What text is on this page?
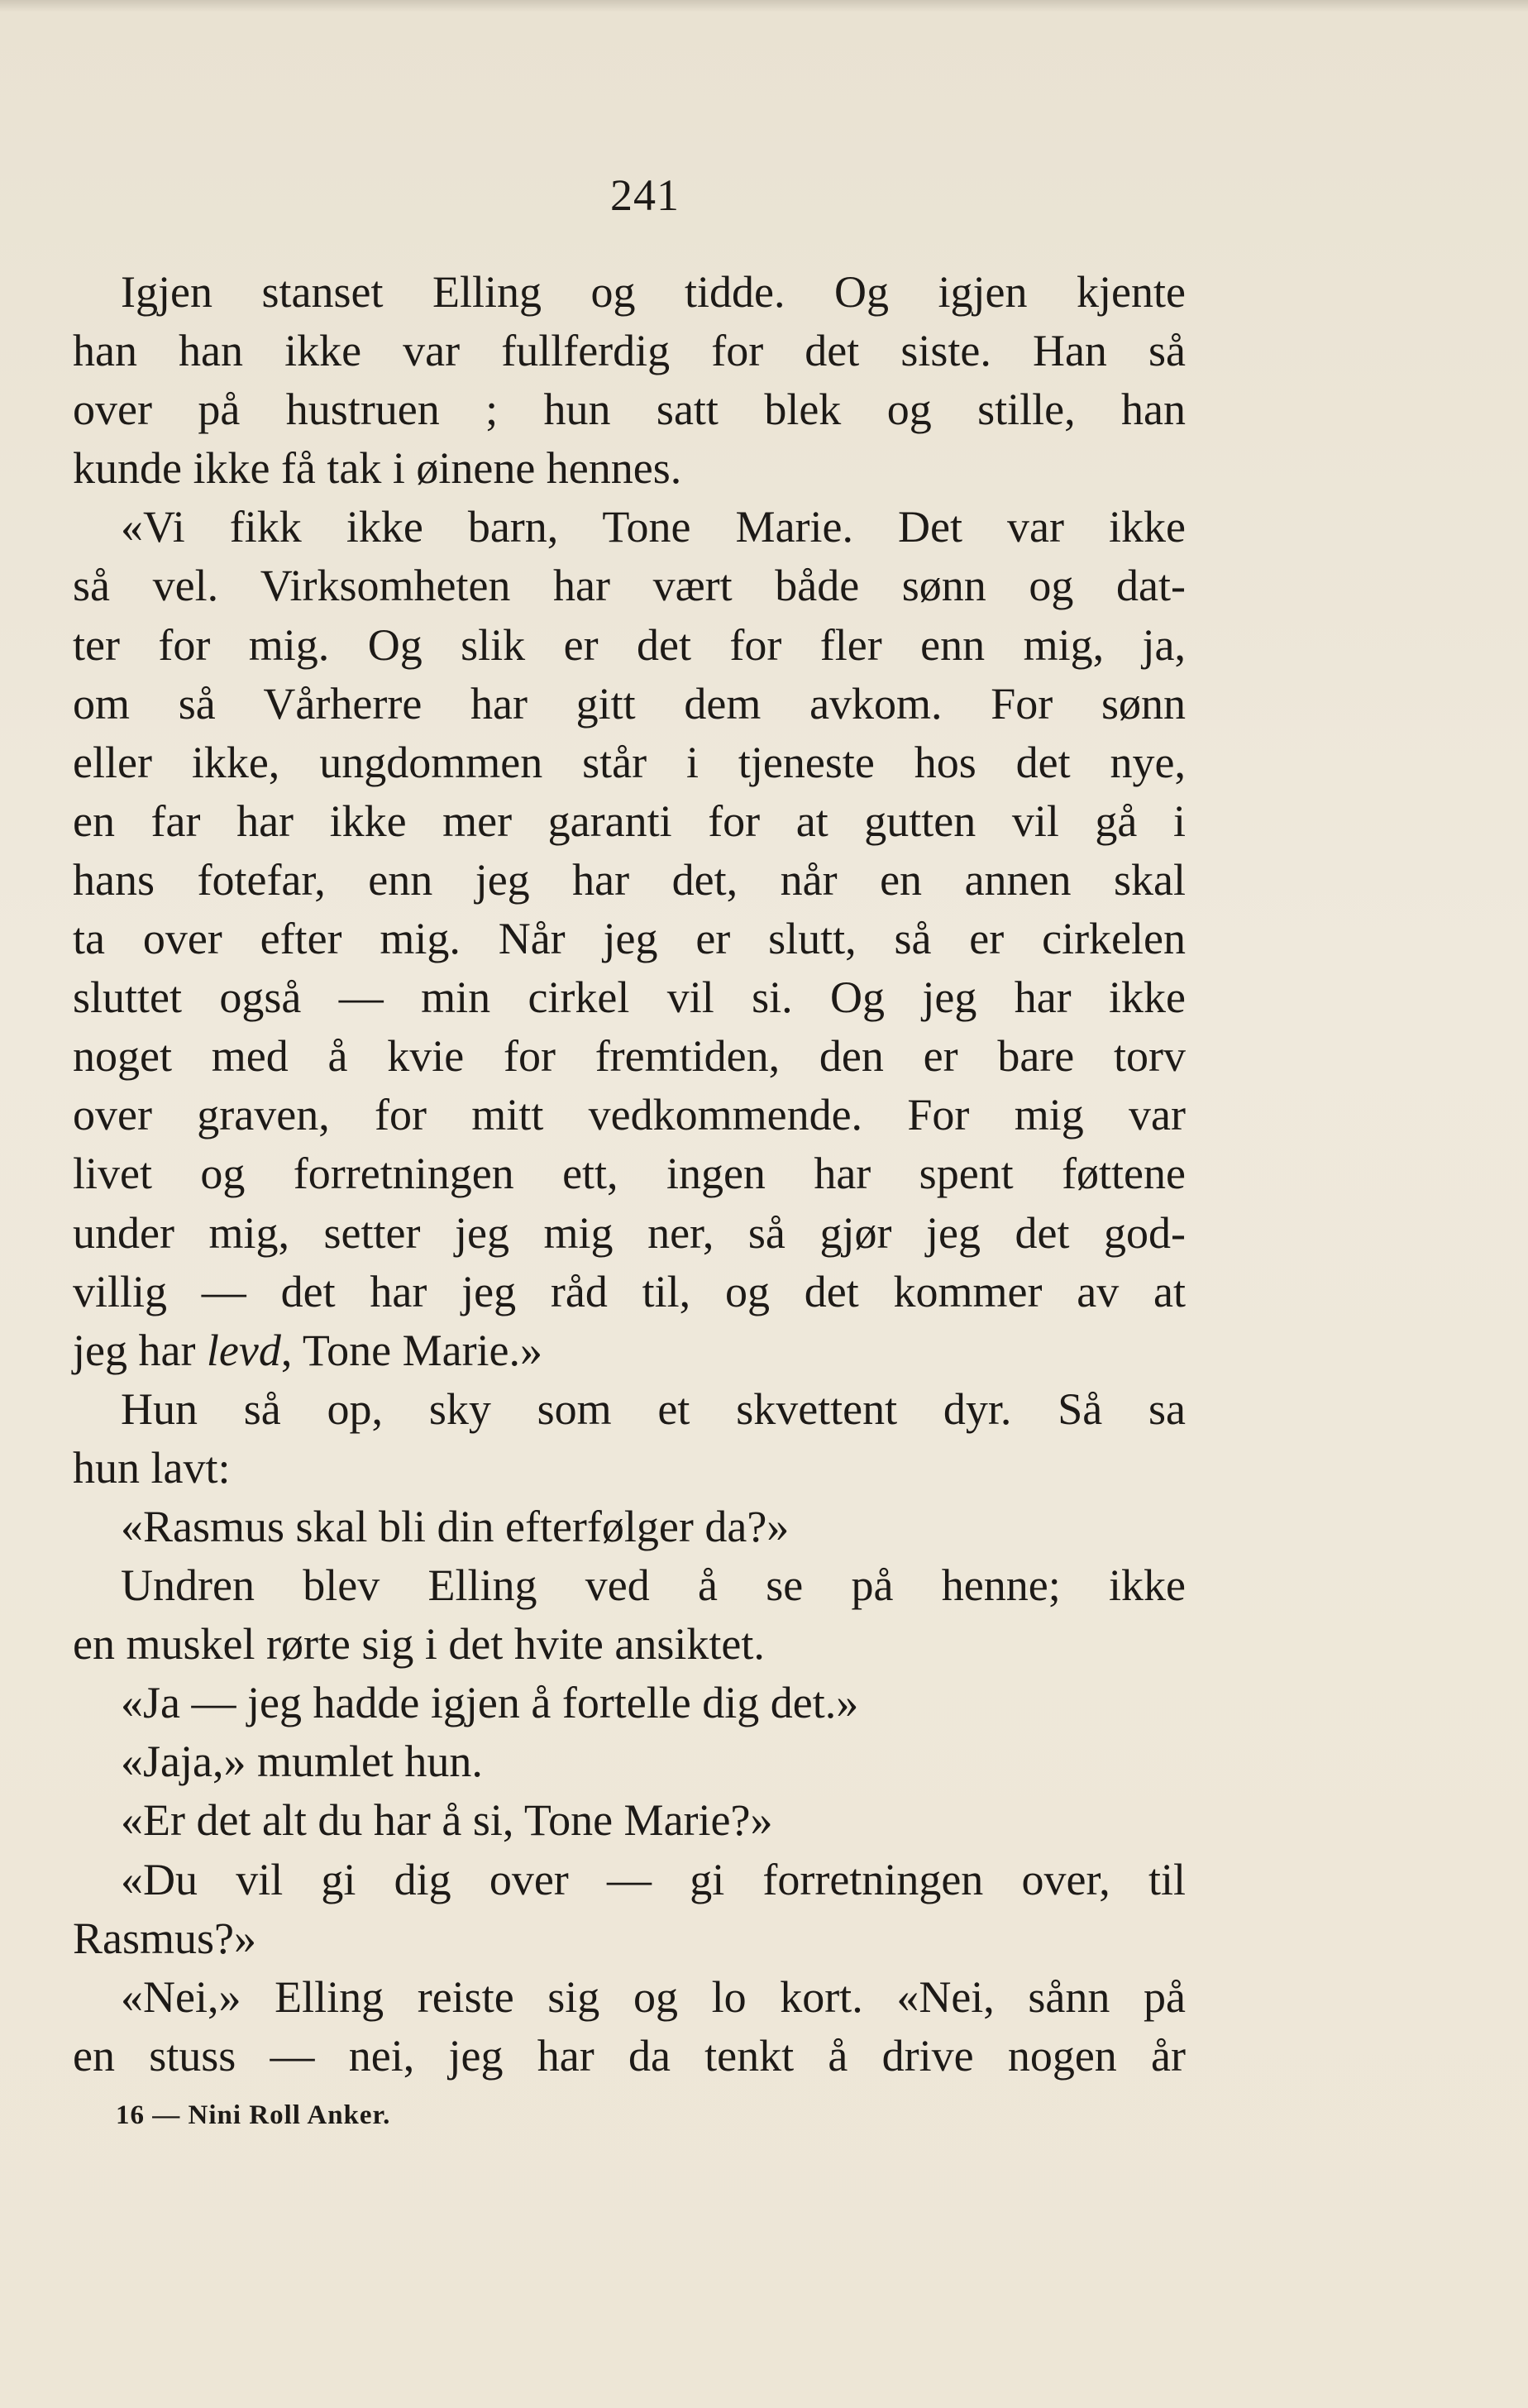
241
Igjen stanset Elling og tidde. Og igjen kjente
han han ikke var fullferdig for det siste. Han så
over på hustruen ; hun satt blek og stille, han
kunde ikke få tak i øinene hennes.
«Vi fikk ikke barn, Tone Marie. Det var ikke
så vel. Virksomheten har vært både sønn og dat-
ter for mig. Og slik er det for fler enn mig, ja,
om så Vårherre har gitt dem avkom. For sønn
eller ikke, ungdommen står i tjeneste hos det nye,
en far har ikke mer garanti for at gutten vil gå i
hans fotefar, enn jeg har det, når en annen skal
ta over efter mig. Når jeg er slutt, så er cirkelen
sluttet også — min cirkel vil si. Og jeg har ikke
noget med å kvie for fremtiden, den er bare torv
over graven, for mitt vedkommende. For mig var
livet og forretningen ett, ingen har spent føttene
under mig, setter jeg mig ner, så gjør jeg det god-
villig — det har jeg råd til, og det kommer av at
jeg har levd, Tone Marie.»
Hun så op, sky som et skvettent dyr. Så sa
hun lavt:
«Rasmus skal bli din efterfølger da?»
Undren blev Elling ved å se på henne; ikke
en muskel rørte sig i det hvite ansiktet.
«Ja — jeg hadde igjen å fortelle dig det.»
«Jaja,» mumlet hun.
«Er det alt du har å si, Tone Marie?»
«Du vil gi dig over — gi forretningen over, til
Rasmus?»
«Nei,» Elling reiste sig og lo kort. «Nei, sånn på
en stuss — nei, jeg har da tenkt å drive nogen år
16 — Nini Roll Anker.
